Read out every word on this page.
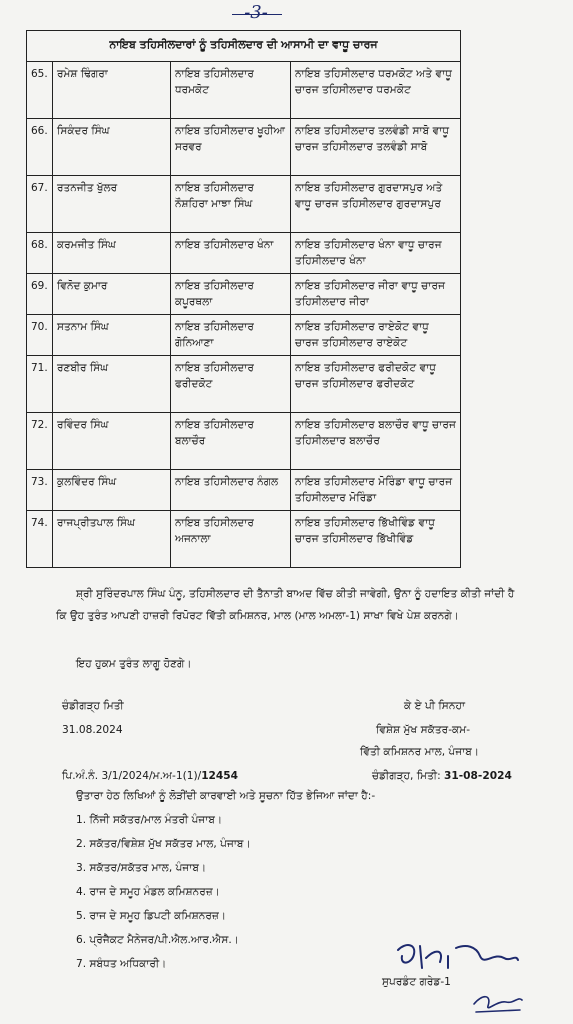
-3-
ਨਾਇਬ ਤਹਿਸੀਲਦਾਰਾਂ ਨੂੰ ਤਹਿਸੀਲਦਾਰ ਦੀ ਆਸਾਮੀ ਦਾ ਵਾਧੂ ਚਾਰਜ			
65.	ਰਮੇਸ਼ ਢਿੰਗਰਾ	ਨਾਇਬ ਤਹਿਸੀਲਦਾਰ ਧਰਮਕੋਟ	ਨਾਇਬ ਤਹਿਸੀਲਦਾਰ ਧਰਮਕੋਟ ਅਤੇ ਵਾਧੂ ਚਾਰਜ ਤਹਿਸੀਲਦਾਰ ਧਰਮਕੋਟ
66.	ਸਿਕੰਦਰ ਸਿੰਘ	ਨਾਇਬ ਤਹਿਸੀਲਦਾਰ ਖੂਹੀਆ ਸਰਵਰ	ਨਾਇਬ ਤਹਿਸੀਲਦਾਰ ਤਲਵੰਡੀ ਸਾਬੋ ਵਾਧੂ ਚਾਰਜ ਤਹਿਸੀਲਦਾਰ ਤਲਵੰਡੀ ਸਾਬੋ
67.	ਰਤਨਜੀਤ ਖੁੱਲਰ	ਨਾਇਬ ਤਹਿਸੀਲਦਾਰ ਨੌਸ਼ਹਿਰਾ ਮਾਝਾ ਸਿੰਘ	ਨਾਇਬ ਤਹਿਸੀਲਦਾਰ ਗੁਰਦਾਸਪੁਰ ਅਤੇ ਵਾਧੂ ਚਾਰਜ ਤਹਿਸੀਲਦਾਰ ਗੁਰਦਾਸਪੁਰ
68.	ਕਰਮਜੀਤ ਸਿੰਘ	ਨਾਇਬ ਤਹਿਸੀਲਦਾਰ ਖੰਨਾ	ਨਾਇਬ ਤਹਿਸੀਲਦਾਰ ਖੰਨਾ ਵਾਧੂ ਚਾਰਜ ਤਹਿਸੀਲਦਾਰ ਖੰਨਾ
69.	ਵਿਨੋਦ ਕੁਮਾਰ	ਨਾਇਬ ਤਹਿਸੀਲਦਾਰ ਕਪੂਰਥਲਾ	ਨਾਇਬ ਤਹਿਸੀਲਦਾਰ ਜੀਰਾ ਵਾਧੂ ਚਾਰਜ ਤਹਿਸੀਲਦਾਰ ਜੀਰਾ
70.	ਸਤਨਾਮ ਸਿੰਘ	ਨਾਇਬ ਤਹਿਸੀਲਦਾਰ ਗੋਨਿਆਣਾ	ਨਾਇਬ ਤਹਿਸੀਲਦਾਰ ਰਾਏਕੋਟ ਵਾਧੂ ਚਾਰਜ ਤਹਿਸੀਲਦਾਰ ਰਾਏਕੋਟ
71.	ਰਣਬੀਰ ਸਿੰਘ	ਨਾਇਬ ਤਹਿਸੀਲਦਾਰ ਫਰੀਦਕੋਟ	ਨਾਇਬ ਤਹਿਸੀਲਦਾਰ ਫਰੀਦਕੋਟ ਵਾਧੂ ਚਾਰਜ ਤਹਿਸੀਲਦਾਰ ਫਰੀਦਕੋਟ
72.	ਰਵਿੰਦਰ ਸਿੰਘ	ਨਾਇਬ ਤਹਿਸੀਲਦਾਰ ਬਲਾਚੌਰ	ਨਾਇਬ ਤਹਿਸੀਲਦਾਰ ਬਲਾਚੌਰ ਵਾਧੂ ਚਾਰਜ ਤਹਿਸੀਲਦਾਰ ਬਲਾਚੌਰ
73.	ਕੁਲਵਿੰਦਰ ਸਿੰਘ	ਨਾਇਬ ਤਹਿਸੀਲਦਾਰ ਨੰਗਲ	ਨਾਇਬ ਤਹਿਸੀਲਦਾਰ ਮੋਰਿੰਡਾ ਵਾਧੂ ਚਾਰਜ ਤਹਿਸੀਲਦਾਰ ਮੋਰਿੰਡਾ
74.	ਰਾਜਪ੍ਰੀਤਪਾਲ ਸਿੰਘ	ਨਾਇਬ ਤਹਿਸੀਲਦਾਰ ਅਜਨਾਲਾ	ਨਾਇਬ ਤਹਿਸੀਲਦਾਰ ਭਿੱਖੀਵਿੰਡ ਵਾਧੂ ਚਾਰਜ ਤਹਿਸੀਲਦਾਰ ਭਿੱਖੀਵਿੰਡ
ਸ਼੍ਰੀ ਸੁਰਿੰਦਰਪਾਲ ਸਿੰਘ ਪੰਨੂ, ਤਹਿਸੀਲਦਾਰ ਦੀ ਤੈਨਾਤੀ ਬਾਅਦ ਵਿੱਚ ਕੀਤੀ ਜਾਵੇਗੀ, ਉਨਾ ਨੂੰ ਹਦਾਇਤ ਕੀਤੀ ਜਾਂਦੀ ਹੈ ਕਿ ਉਹ ਤੁਰੰਤ ਆਪਣੀ ਹਾਜ਼ਰੀ ਰਿਪੋਰਟ ਵਿੱਤੀ ਕਮਿਸ਼ਨਰ, ਮਾਲ (ਮਾਲ ਅਮਲਾ-1) ਸਾਖਾ ਵਿਖੇ ਪੇਸ਼ ਕਰਨਗੇ।
ਇਹ ਹੁਕਮ ਤੁਰੰਤ ਲਾਗੂ ਹੋਣਗੇ।
ਚੰਡੀਗੜ੍ਹ ਮਿਤੀ
31.08.2024
ਕੇ ਏ ਪੀ ਸਿਨਹਾ
ਵਿਸ਼ੇਸ਼ ਮੁੱਖ ਸਕੱਤਰ-ਕਮ-
ਵਿੱਤੀ ਕਮਿਸ਼ਨਰ ਮਾਲ, ਪੰਜਾਬ।
ਪਿ.ਅੰ.ਨੰ. 3/1/2024/ਮ.ਅ-1(1)/12454	ਚੰਡੀਗੜ੍ਹ, ਮਿਤੀ: 31-08-2024
ਉਤਾਰਾ ਹੇਠ ਲਿਖਿਆਂ ਨੂੰ ਲੋੜੀਂਦੀ ਕਾਰਵਾਈ ਅਤੇ ਸੂਚਨਾ ਹਿੱਤ ਭੇਜਿਆ ਜਾਂਦਾ ਹੈ:-
1. ਨਿੱਜੀ ਸਕੱਤਰ/ਮਾਲ ਮੰਤਰੀ ਪੰਜਾਬ।
2. ਸਕੱਤਰ/ਵਿਸ਼ੇਸ਼ ਮੁੱਖ ਸਕੱਤਰ ਮਾਲ, ਪੰਜਾਬ।
3. ਸਕੱਤਰ/ਸਕੱਤਰ ਮਾਲ, ਪੰਜਾਬ।
4. ਰਾਜ ਦੇ ਸਮੂਹ ਮੰਡਲ ਕਮਿਸ਼ਨਰਜ਼।
5. ਰਾਜ ਦੇ ਸਮੂਹ ਡਿਪਟੀ ਕਮਿਸ਼ਨਰਜ਼।
6. ਪ੍ਰੋਜੈਕਟ ਮੈਨੇਜਰ/ਪੀ.ਐਲ.ਆਰ.ਐਸ.।
7. ਸਬੰਧਤ ਅਧਿਕਾਰੀ।
ਸੁਪਰਡੰਟ ਗਰੇਡ-1
